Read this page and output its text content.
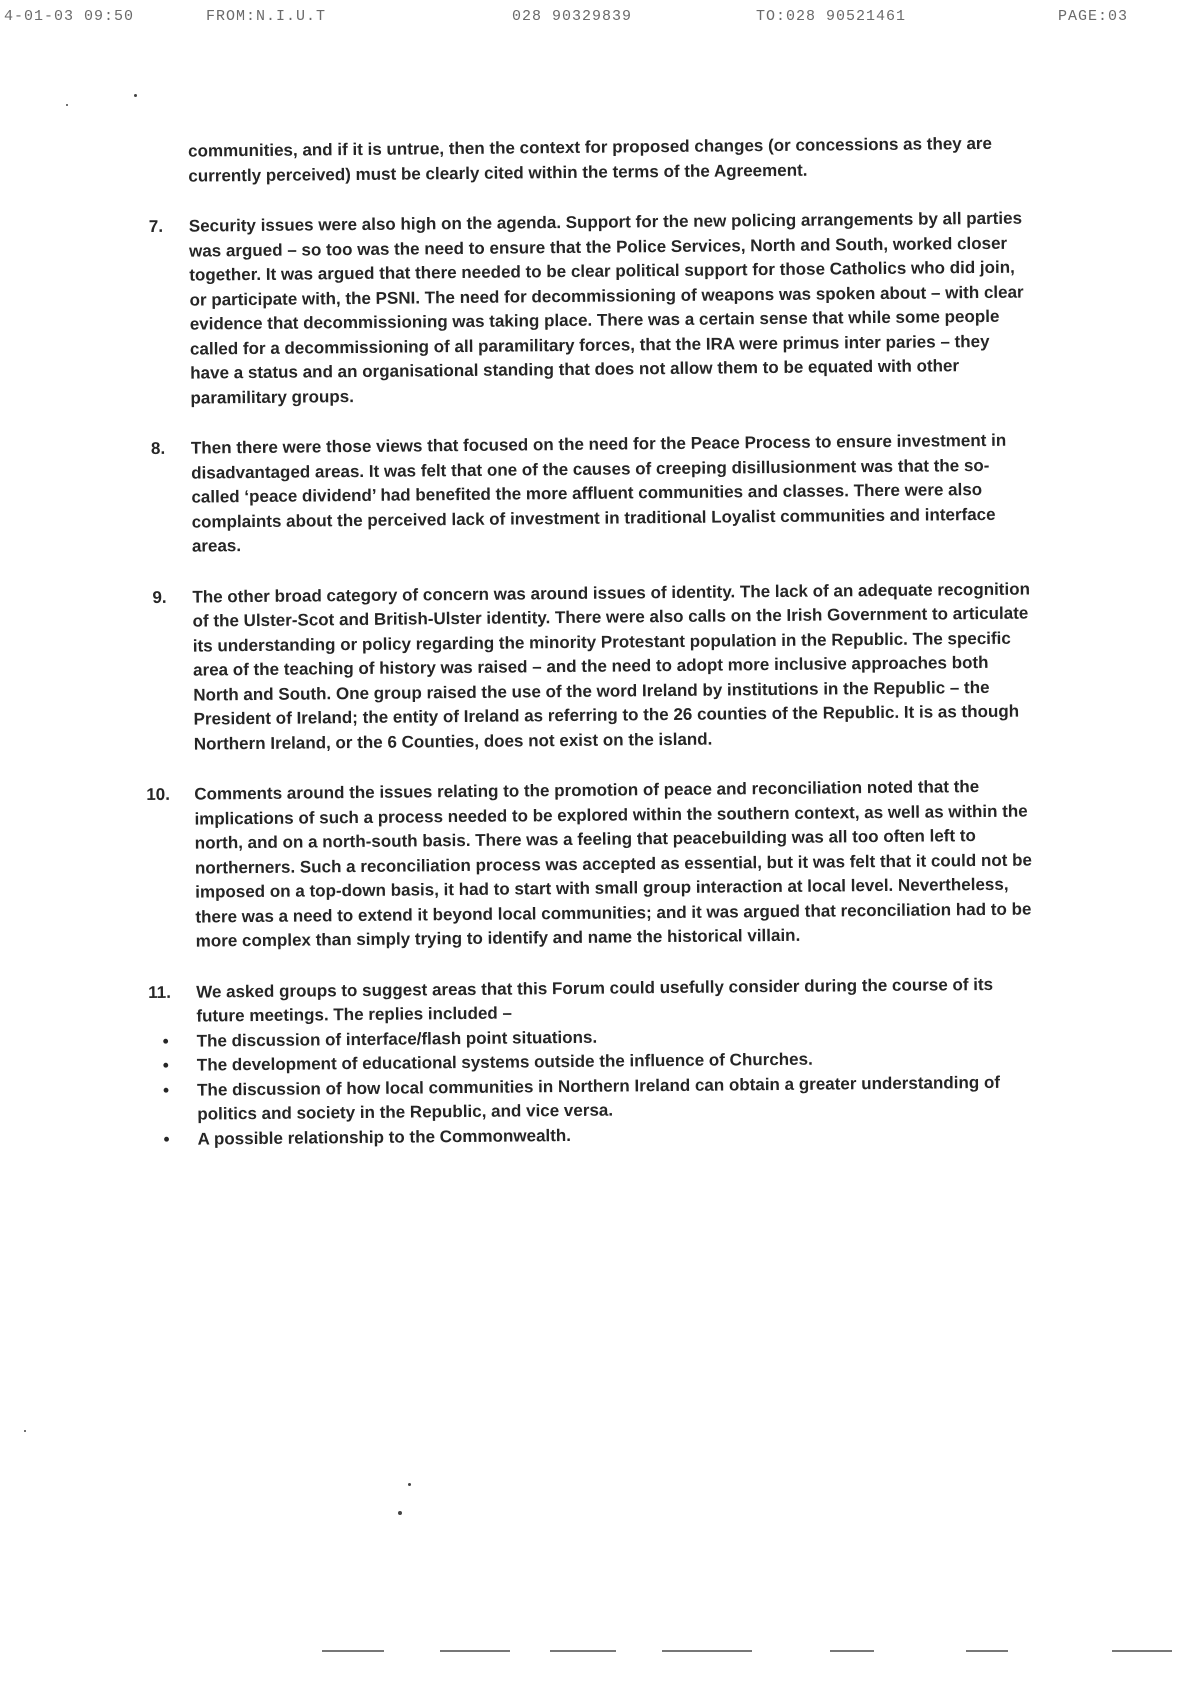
4-01-03 09:50	FROM:N.I.U.T	028 90329839	TO:028 90521461	PAGE:03

communities, and if it is untrue, then the context for proposed changes (or concessions as they are currently perceived) must be clearly cited within the terms of the Agreement.

7.	Security issues were also high on the agenda. Support for the new policing arrangements by all parties was argued – so too was the need to ensure that the Police Services, North and South, worked closer together. It was argued that there needed to be clear political support for those Catholics who did join, or participate with, the PSNI. The need for decommissioning of weapons was spoken about – with clear evidence that decommissioning was taking place. There was a certain sense that while some people called for a decommissioning of all paramilitary forces, that the IRA were primus inter paries – they have a status and an organisational standing that does not allow them to be equated with other paramilitary groups.

8.	Then there were those views that focused on the need for the Peace Process to ensure investment in disadvantaged areas. It was felt that one of the causes of creeping disillusionment was that the so-called ‘peace dividend’ had benefited the more affluent communities and classes. There were also complaints about the perceived lack of investment in traditional Loyalist communities and interface areas.

9.	The other broad category of concern was around issues of identity. The lack of an adequate recognition of the Ulster-Scot and British-Ulster identity. There were also calls on the Irish Government to articulate its understanding or policy regarding the minority Protestant population in the Republic. The specific area of the teaching of history was raised – and the need to adopt more inclusive approaches both North and South. One group raised the use of the word Ireland by institutions in the Republic – the President of Ireland; the entity of Ireland as referring to the 26 counties of the Republic. It is as though Northern Ireland, or the 6 Counties, does not exist on the island.

10.	Comments around the issues relating to the promotion of peace and reconciliation noted that the implications of such a process needed to be explored within the southern context, as well as within the north, and on a north-south basis. There was a feeling that peacebuilding was all too often left to northerners. Such a reconciliation process was accepted as essential, but it was felt that it could not be imposed on a top-down basis, it had to start with small group interaction at local level. Nevertheless, there was a need to extend it beyond local communities; and it was argued that reconciliation had to be more complex than simply trying to identify and name the historical villain.

11.	We asked groups to suggest areas that this Forum could usefully consider during the course of its future meetings. The replies included –

• The discussion of interface/flash point situations.
• The development of educational systems outside the influence of Churches.
• The discussion of how local communities in Northern Ireland can obtain a greater understanding of politics and society in the Republic, and vice versa.
• A possible relationship to the Commonwealth.
